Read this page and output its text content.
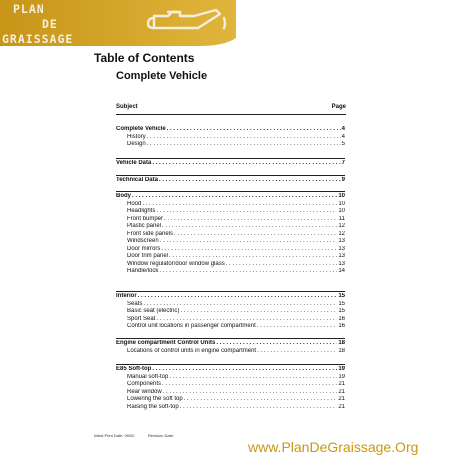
PLAN
DE
GRAISSAGE
Table of Contents
Complete Vehicle
Subject	Page
Complete Vehicle . . .	4
History . . .	4
Design . . .	5
Vehicle Data . . .	7
Technical Data . . .	9
Body . . .	10
Hood . . .	10
Headlights . . .	10
Front bumper . . .	11
Plastic panel . . .	12
Front side panels . . .	12
Windscreen . . .	13
Door mirrors . . .	13
Door trim panel . . .	13
Window regulator/door window glass . . .	13
Handle/lock . . .	14
Interior . . .	15
Seats . . .	15
Basic seat (electric) . . .	15
Sport Seat . . .	16
Control unit locations in passenger compartment . . .	16
Engine compartment Control Units . . .	18
Locations of control units in engine compartment . . .	18
E85 Soft-top . . .	19
Manual soft-top . . .	19
Components . . .	21
Rear window . . .	21
Lowering the soft top . . .	21
Raising the soft-top . . .	21
Initial Print Date: 09/02	Revision Date:
www.PlanDeGraissage.Org
